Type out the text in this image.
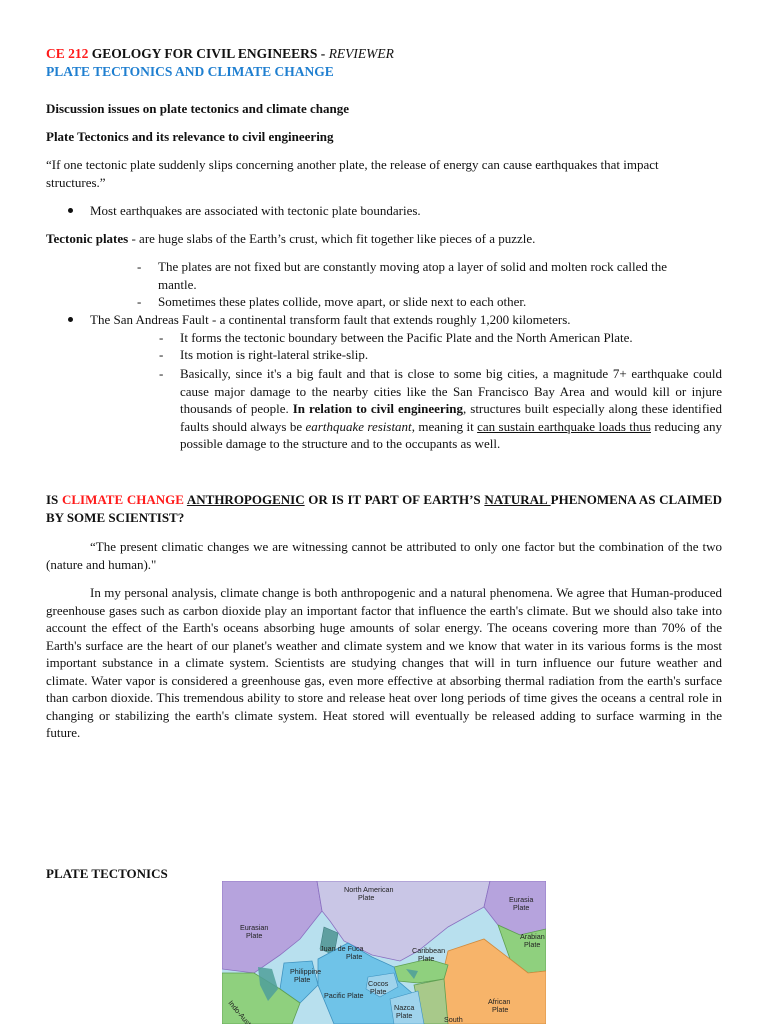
CE 212 GEOLOGY FOR CIVIL ENGINEERS - REVIEWER
PLATE TECTONICS AND CLIMATE CHANGE
Discussion issues on plate tectonics and climate change
Plate Tectonics and its relevance to civil engineering
“If one tectonic plate suddenly slips concerning another plate, the release of energy can cause earthquakes that impact structures.”
Most earthquakes are associated with tectonic plate boundaries.
Tectonic plates - are huge slabs of the Earth’s crust, which fit together like pieces of a puzzle.
- The plates are not fixed but are constantly moving atop a layer of solid and molten rock called the mantle.
- Sometimes these plates collide, move apart, or slide next to each other.
The San Andreas Fault - a continental transform fault that extends roughly 1,200 kilometers.
- It forms the tectonic boundary between the Pacific Plate and the North American Plate.
- Its motion is right-lateral strike-slip.
- Basically, since it's a big fault and that is close to some big cities, a magnitude 7+ earthquake could cause major damage to the nearby cities like the San Francisco Bay Area and would kill or injure thousands of people. In relation to civil engineering, structures built especially along these identified faults should always be earthquake resistant, meaning it can sustain earthquake loads thus reducing any possible damage to the structure and to the occupants as well.
IS CLIMATE CHANGE ANTHROPOGENIC OR IS IT PART OF EARTH’S NATURAL PHENOMENA AS CLAIMED BY SOME SCIENTIST?
“The present climatic changes we are witnessing cannot be attributed to only one factor but the combination of the two (nature and human)."
In my personal analysis, climate change is both anthropogenic and a natural phenomena. We agree that Human-produced greenhouse gases such as carbon dioxide play an important factor that influence the earth's climate. But we should also take into account the effect of the Earth's oceans absorbing huge amounts of solar energy. The oceans covering more than 70% of the Earth's surface are the heart of our planet's weather and climate system and we know that water in its various forms is the most important substance in a climate system. Scientists are studying changes that will in turn influence our future weather and climate. Water vapor is considered a greenhouse gas, even more effective at absorbing thermal radiation from the earth's surface than carbon dioxide. This tremendous ability to store and release heat over long periods of time gives the oceans a central role in changing or stabilizing the earth's climate system. Heat stored will eventually be released adding to surface warming in the future.
PLATE TECTONICS
North American
Plate	Eurasia
Plate
Eurasian
Plate	Arabian
Plate
Juan de Fuca
Plate
Philippine
Plate
Caribbean
Plate
Pacific Plate
Cocos
Plate
African
Plate
Nazca
Plate	South
